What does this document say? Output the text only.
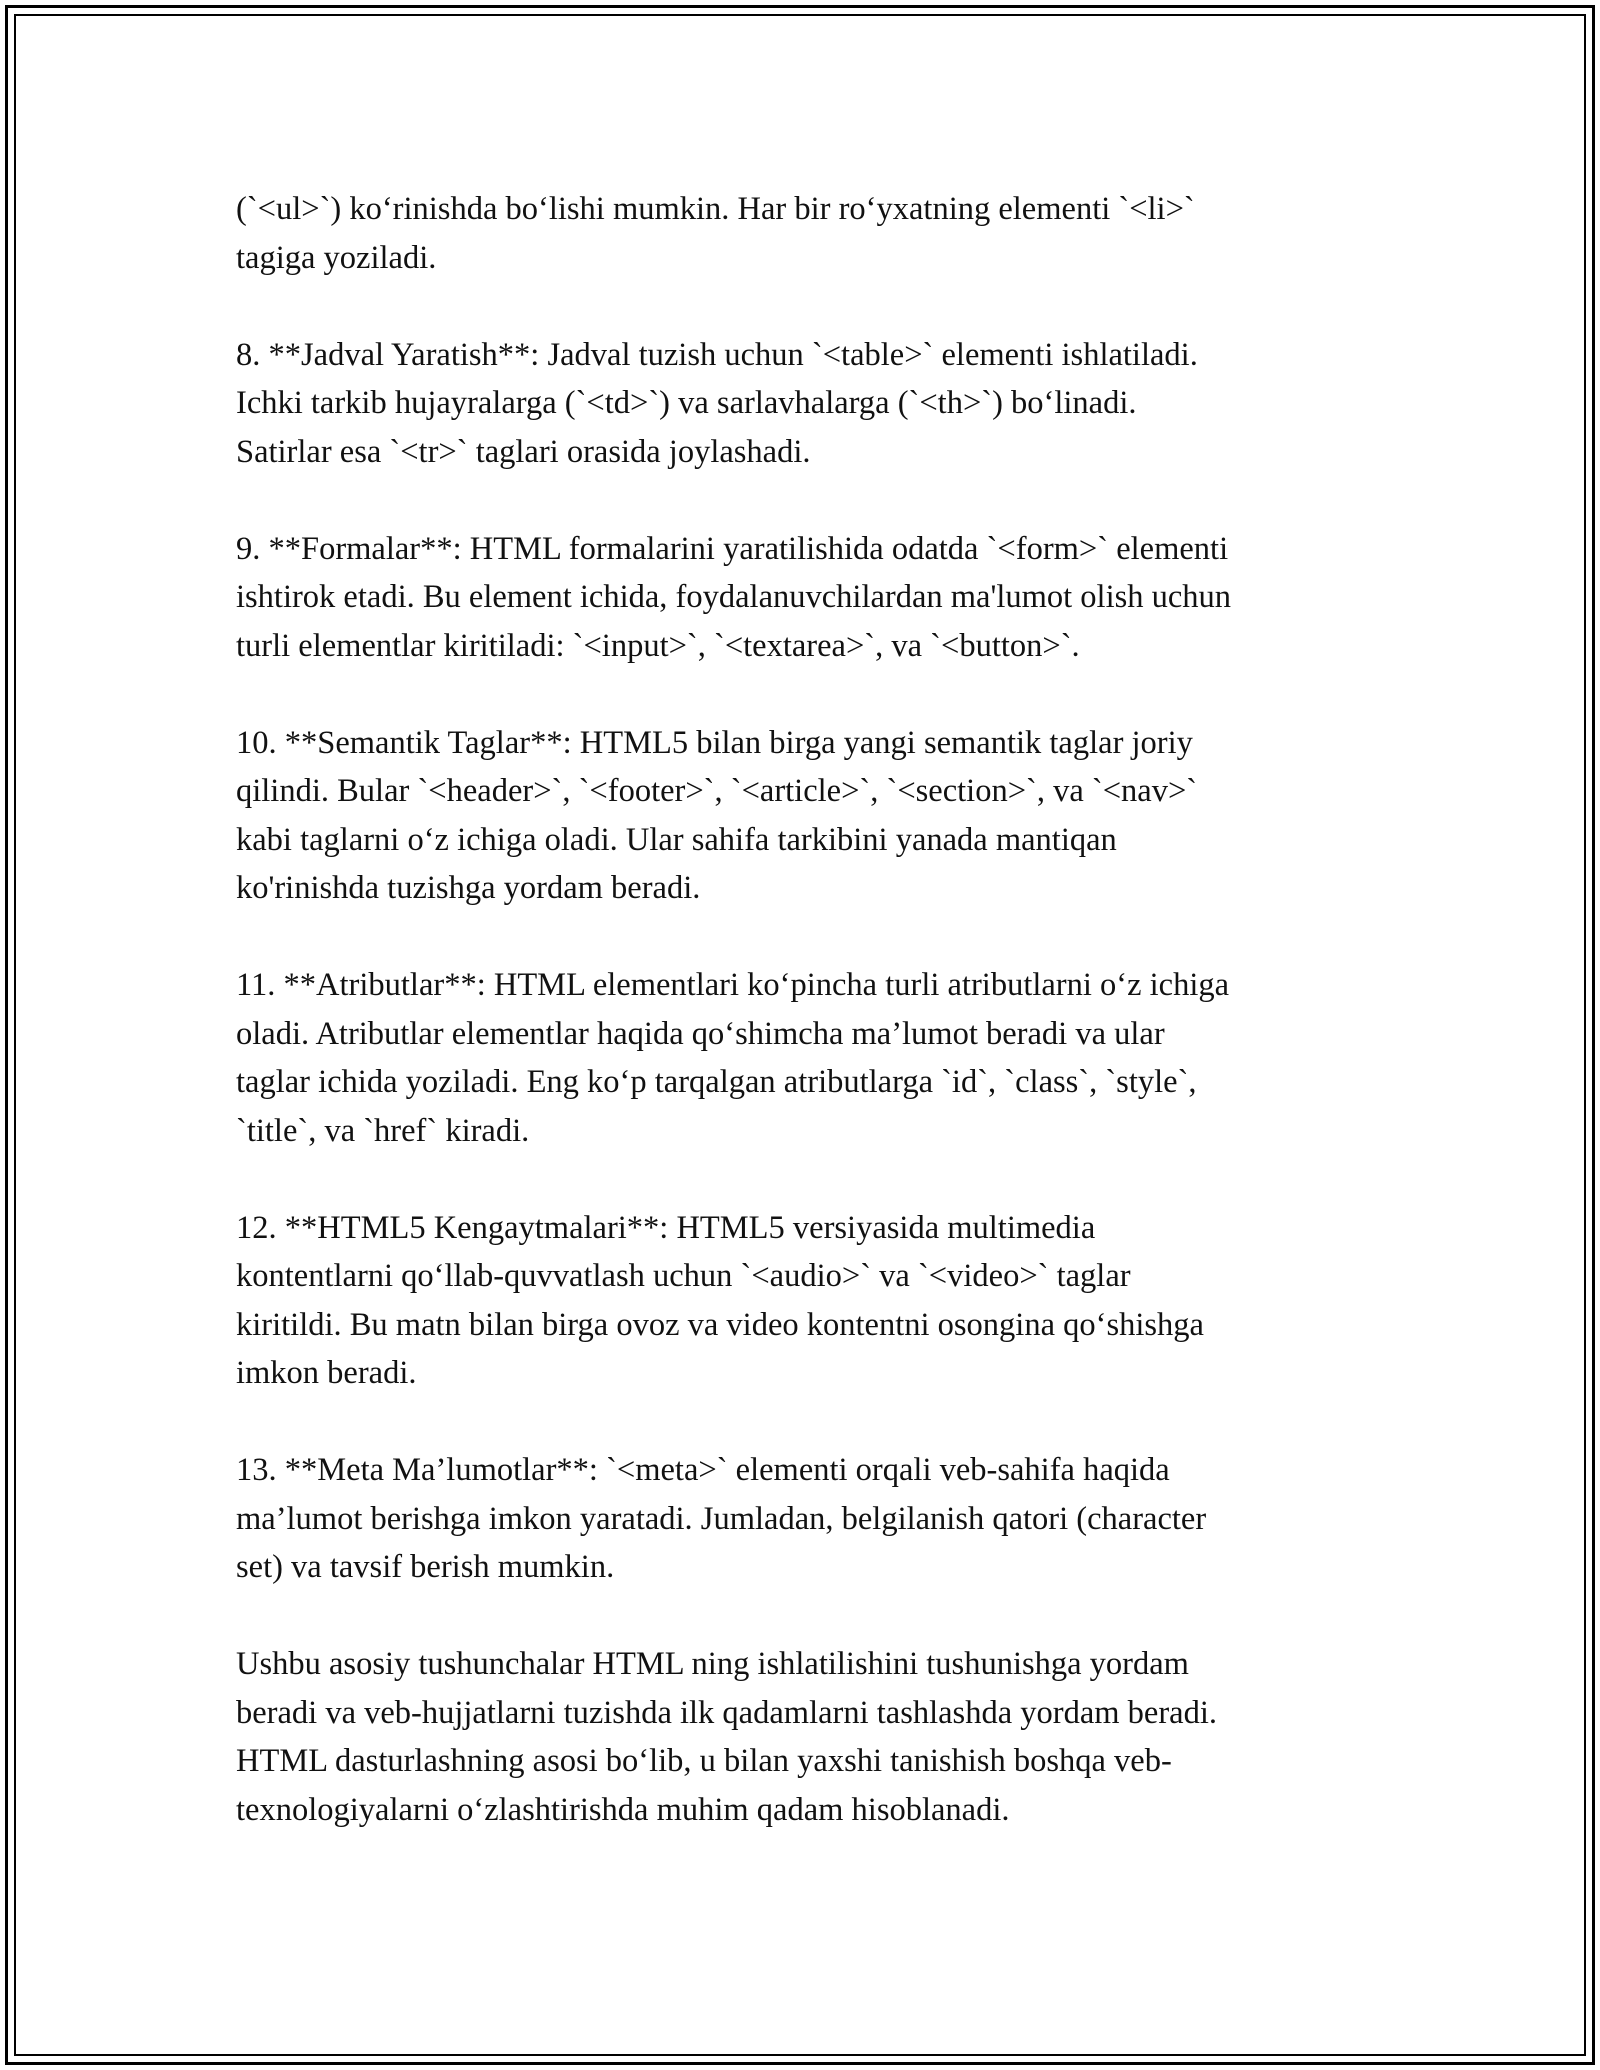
(`<ul>`) ko‘rinishda bo‘lishi mumkin. Har bir ro‘yxatning elementi `<li>`
tagiga yoziladi.

8. **Jadval Yaratish**: Jadval tuzish uchun `<table>` elementi ishlatiladi.
Ichki tarkib hujayralarga (`<td>`) va sarlavhalarga (`<th>`) bo‘linadi.
Satirlar esa `<tr>` taglari orasida joylashadi.

9. **Formalar**: HTML formalarini yaratilishida odatda `<form>` elementi
ishtirok etadi. Bu element ichida, foydalanuvchilardan ma'lumot olish uchun
turli elementlar kiritiladi: `<input>`, `<textarea>`, va `<button>`.

10. **Semantik Taglar**: HTML5 bilan birga yangi semantik taglar joriy
qilindi. Bular `<header>`, `<footer>`, `<article>`, `<section>`, va `<nav>`
kabi taglarni o‘z ichiga oladi. Ular sahifa tarkibini yanada mantiqan
ko'rinishda tuzishga yordam beradi.

11. **Atributlar**: HTML elementlari ko‘pincha turli atributlarni o‘z ichiga
oladi. Atributlar elementlar haqida qo‘shimcha ma’lumot beradi va ular
taglar ichida yoziladi. Eng ko‘p tarqalgan atributlarga `id`, `class`, `style`,
`title`, va `href` kiradi.

12. **HTML5 Kengaytmalari**: HTML5 versiyasida multimedia
kontentlarni qo‘llab-quvvatlash uchun `<audio>` va `<video>` taglar
kiritildi. Bu matn bilan birga ovoz va video kontentni osongina qo‘shishga
imkon beradi.

13. **Meta Ma’lumotlar**: `<meta>` elementi orqali veb-sahifa haqida
ma’lumot berishga imkon yaratadi. Jumladan, belgilanish qatori (character
set) va tavsif berish mumkin.

Ushbu asosiy tushunchalar HTML ning ishlatilishini tushunishga yordam
beradi va veb-hujjatlarni tuzishda ilk qadamlarni tashlashda yordam beradi.
HTML dasturlashning asosi bo‘lib, u bilan yaxshi tanishish boshqa veb-
texnologiyalarni o‘zlashtirishda muhim qadam hisoblanadi.
